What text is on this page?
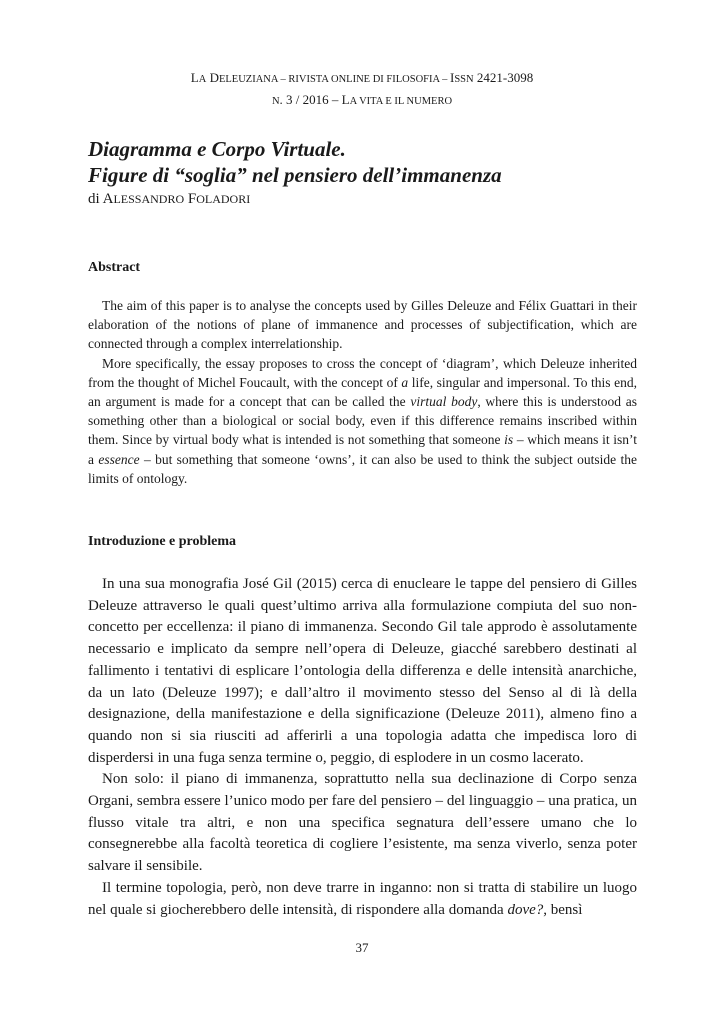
LA DELEUZIANA – RIVISTA ONLINE DI FILOSOFIA – ISSN 2421-3098
N. 3 / 2016 – LA VITA E IL NUMERO
Diagramma e Corpo Virtuale.
Figure di “soglia” nel pensiero dell’immanenza
di ALESSANDRO FOLADORI
Abstract

The aim of this paper is to analyse the concepts used by Gilles Deleuze and Félix Guattari in their elaboration of the notions of plane of immanence and processes of subjectification, which are connected through a complex interrelationship.

More specifically, the essay proposes to cross the concept of ‘diagram’, which Deleuze inherited from the thought of Michel Foucault, with the concept of a life, singular and impersonal. To this end, an argument is made for a concept that can be called the virtual body, where this is understood as something other than a biological or social body, even if this difference remains inscribed within them. Since by virtual body what is intended is not something that someone is – which means it isn’t a essence – but something that someone ‘owns’, it can also be used to think the subject outside the limits of ontology.

Introduzione e problema

In una sua monografia José Gil (2015) cerca di enucleare le tappe del pensiero di Gilles Deleuze attraverso le quali quest’ultimo arriva alla formulazione compiuta del suo non-concetto per eccellenza: il piano di immanenza. Secondo Gil tale approdo è assolutamente necessario e implicato da sempre nell’opera di Deleuze, giacché sarebbero destinati al fallimento i tentativi di esplicare l’ontologia della differenza e delle intensità anarchiche, da un lato (Deleuze 1997); e dall’altro il movimento stesso del Senso al di là della designazione, della manifestazione e della significazione (Deleuze 2011), almeno fino a quando non si sia riusciti ad afferirli a una topologia adatta che impedisca loro di disperdersi in una fuga senza termine o, peggio, di esplodere in un cosmo lacerato.

Non solo: il piano di immanenza, soprattutto nella sua declinazione di Corpo senza Organi, sembra essere l’unico modo per fare del pensiero – del linguaggio – una pratica, un flusso vitale tra altri, e non una specifica segnatura dell’essere umano che lo consegnerebbe alla facoltà teoretica di cogliere l’esistente, ma senza viverlo, senza poter salvare il sensibile.

Il termine topologia, però, non deve trarre in inganno: non si tratta di stabilire un luogo nel quale si giocherebbero delle intensità, di rispondere alla domanda dove?, bensì

37
